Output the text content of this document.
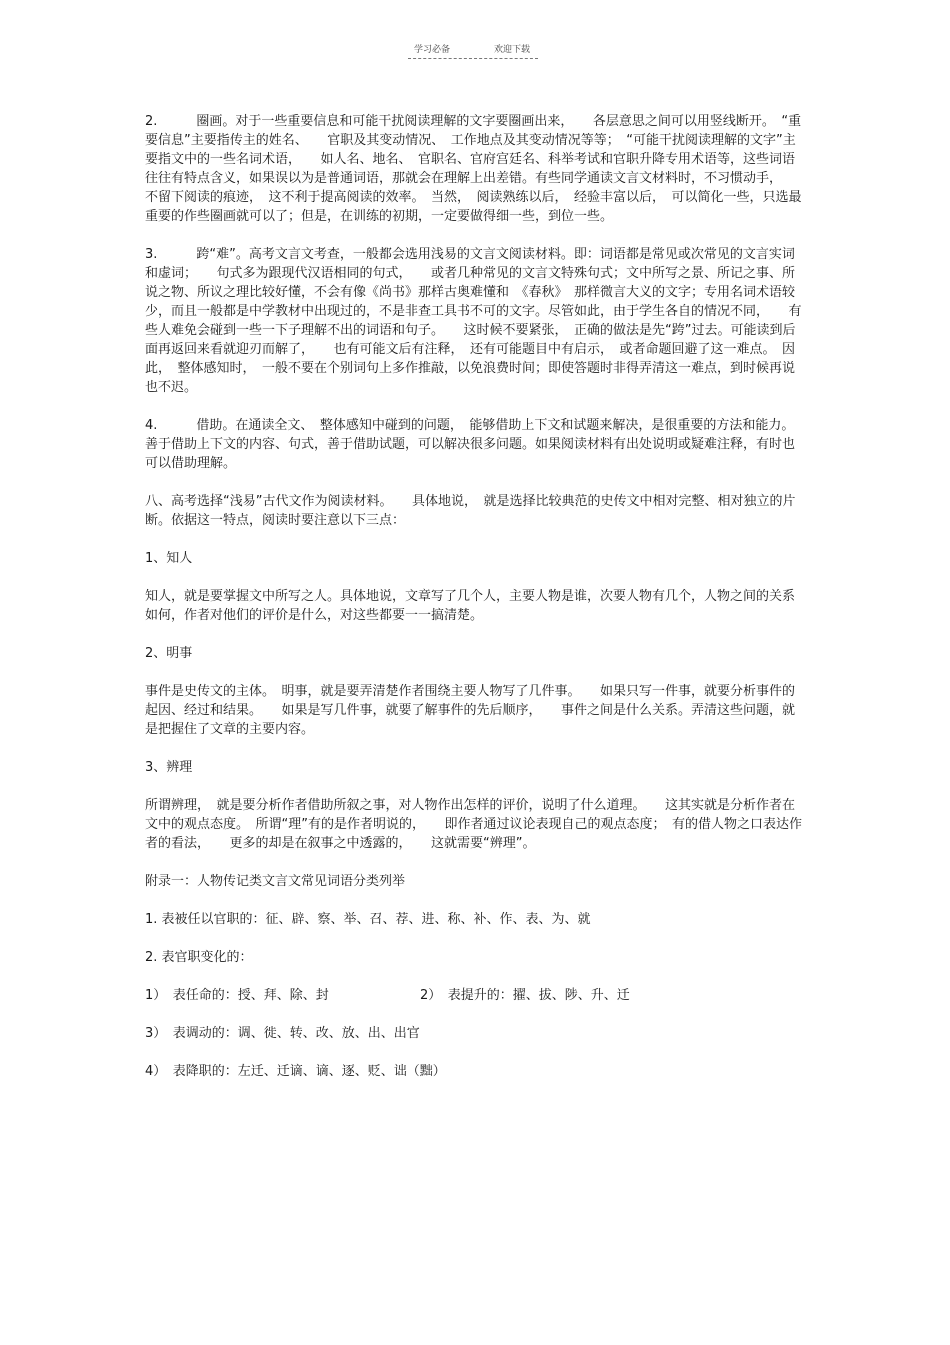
学习必备	欢迎下载

2.　　　圈画。对于一些重要信息和可能干扰阅读理解的文字要圈画出来，　　各层意思之间可以用竖线断开。　“重要信息”主要指传主的姓名、　　官职及其变动情况、　工作地点及其变动情况等等；　“可能干扰阅读理解的文字”主要指文中的一些名词术语，　　如人名、地名、　官职名、官府宫廷名、科举考试和官职升降专用术语等，这些词语往往有特点含义，如果误以为是普通词语，那就会在理解上出差错。有些同学通读文言文材料时，不习惯动手，　　不留下阅读的痕迹，　这不利于提高阅读的效率。　当然，　阅读熟练以后，　经验丰富以后，　可以简化一些，只选最重要的作些圈画就可以了；但是，在训练的初期，一定要做得细一些，到位一些。

3.　　　跨“难”。高考文言文考查，一般都会选用浅易的文言文阅读材料。即：词语都是常见或次常见的文言实词和虚词；　　句式多为跟现代汉语相同的句式，　　或者几种常见的文言文特殊句式；文中所写之景、所记之事、所说之物、所议之理比较好懂，不会有像《尚书》那样古奥难懂和　《春秋》　那样微言大义的文字；专用名词术语较少，而且一般都是中学教材中出现过的，不是非查工具书不可的文字。尽管如此，由于学生各自的情况不同，　　有些人难免会碰到一些一下子理解不出的词语和句子。　　这时候不要紧张，　正确的做法是先“跨”过去。可能读到后面再返回来看就迎刃而解了，　　也有可能文后有注释，　还有可能题目中有启示，　或者命题回避了这一难点。　因此，　整体感知时，　一般不要在个别词句上多作推敲，以免浪费时间；即使答题时非得弄清这一难点，到时候再说也不迟。

4.　　　借助。在通读全文、　整体感知中碰到的问题，　能够借助上下文和试题来解决，是很重要的方法和能力。善于借助上下文的内容、句式，善于借助试题，可以解决很多问题。如果阅读材料有出处说明或疑难注释，有时也可以借助理解。

八、高考选择“浅易”古代文作为阅读材料。　　具体地说，　就是选择比较典范的史传文中相对完整、相对独立的片断。依据这一特点，阅读时要注意以下三点：

1、知人

知人，就是要掌握文中所写之人。具体地说，文章写了几个人，主要人物是谁，次要人物有几个，人物之间的关系如何，作者对他们的评价是什么，对这些都要一一搞清楚。

2、明事

事件是史传文的主体。　明事，就是要弄清楚作者围绕主要人物写了几件事。　　如果只写一件事，就要分析事件的起因、经过和结果。　　如果是写几件事，就要了解事件的先后顺序，　　事件之间是什么关系。弄清这些问题，就是把握住了文章的主要内容。

3、辨理

所谓辨理，　就是要分析作者借助所叙之事，对人物作出怎样的评价，说明了什么道理。　　这其实就是分析作者在文中的观点态度。　所谓“理”有的是作者明说的，　　即作者通过议论表现自己的观点态度；　有的借人物之口表达作者的看法，　　更多的却是在叙事之中透露的，　　这就需要“辨理”。

附录一：人物传记类文言文常见词语分类列举

1. 表被任以官职的：征、辟、察、举、召、荐、进、称、补、作、表、为、就

2. 表官职变化的：

1）　表任命的：授、拜、除、封	2）　表提升的：擢、拔、陟、升、迁

3）　表调动的：调、徙、转、改、放、出、出官

4）　表降职的：左迁、迁谪、谪、逐、贬、诎（黜）
